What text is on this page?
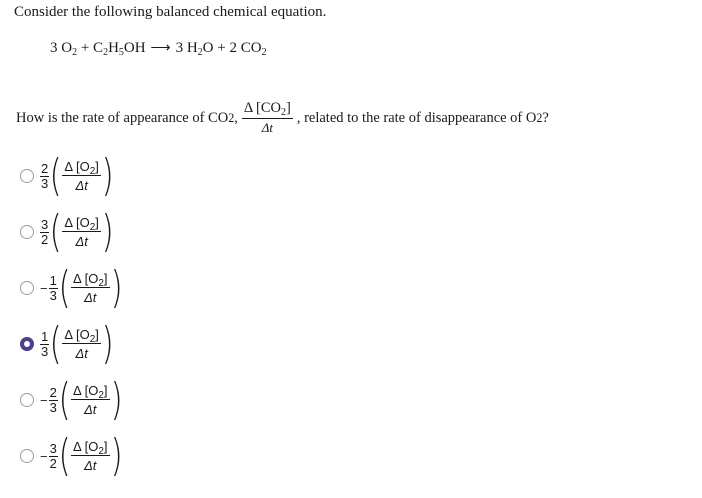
Consider the following balanced chemical equation.
3 $O_2 + C_2H_5OH$ ⟶ 3 $H_2O + 2$ $CO_2$
How is the rate of appearance of CO 2 , $\frac{\Delta [CO_2]}{\Delta t}$ , related to the rate of disappearance of O 2 ?
$\frac{2}{3}$ ( $\frac{\Delta [O_2]}{\Delta t}$ )
$\frac{3}{2}$ ( $\frac{\Delta [O_2]}{\Delta t}$ )
− $\frac{1}{3}$ ( $\frac{\Delta [O_2]}{\Delta t}$ )
$\frac{1}{3}$ ( $\frac{\Delta [O_2]}{\Delta t}$ )
− $\frac{2}{3}$ ( $\frac{\Delta [O_2]}{\Delta t}$ )
− $\frac{3}{2}$ ( $\frac{\Delta [O_2]}{\Delta t}$ )
